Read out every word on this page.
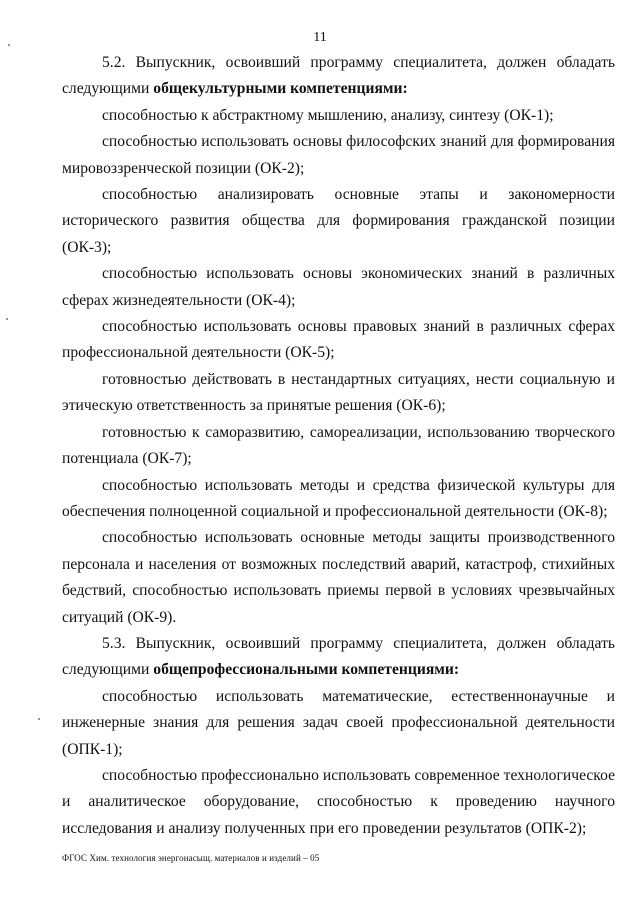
11

5.2. Выпускник, освоивший программу специалитета, должен обладать следующими общекультурными компетенциями:

способностью к абстрактному мышлению, анализу, синтезу (ОК-1);

способностью использовать основы философских знаний для формирования мировоззренческой позиции (ОК-2);

способностью анализировать основные этапы и закономерности исторического развития общества для формирования гражданской позиции (ОК-3);

способностью использовать основы экономических знаний в различных сферах жизнедеятельности (ОК-4);

способностью использовать основы правовых знаний в различных сферах профессиональной деятельности (ОК-5);

готовностью действовать в нестандартных ситуациях, нести социальную и этическую ответственность за принятые решения (ОК-6);

готовностью к саморазвитию, самореализации, использованию творческого потенциала (ОК-7);

способностью использовать методы и средства физической культуры для обеспечения полноценной социальной и профессиональной деятельности (ОК-8);

способностью использовать основные методы защиты производственного персонала и населения от возможных последствий аварий, катастроф, стихийных бедствий, способностью использовать приемы первой в условиях чрезвычайных ситуаций (ОК-9).

5.3. Выпускник, освоивший программу специалитета, должен обладать следующими общепрофессиональными компетенциями:

способностью использовать математические, естественнонаучные и инженерные знания для решения задач своей профессиональной деятельности (ОПК-1);

способностью профессионально использовать современное технологическое и аналитическое оборудование, способностью к проведению научного исследования и анализу полученных при его проведении результатов (ОПК-2);

ФГОС Хим. технология энергонасыщ. материалов и изделий – 05
